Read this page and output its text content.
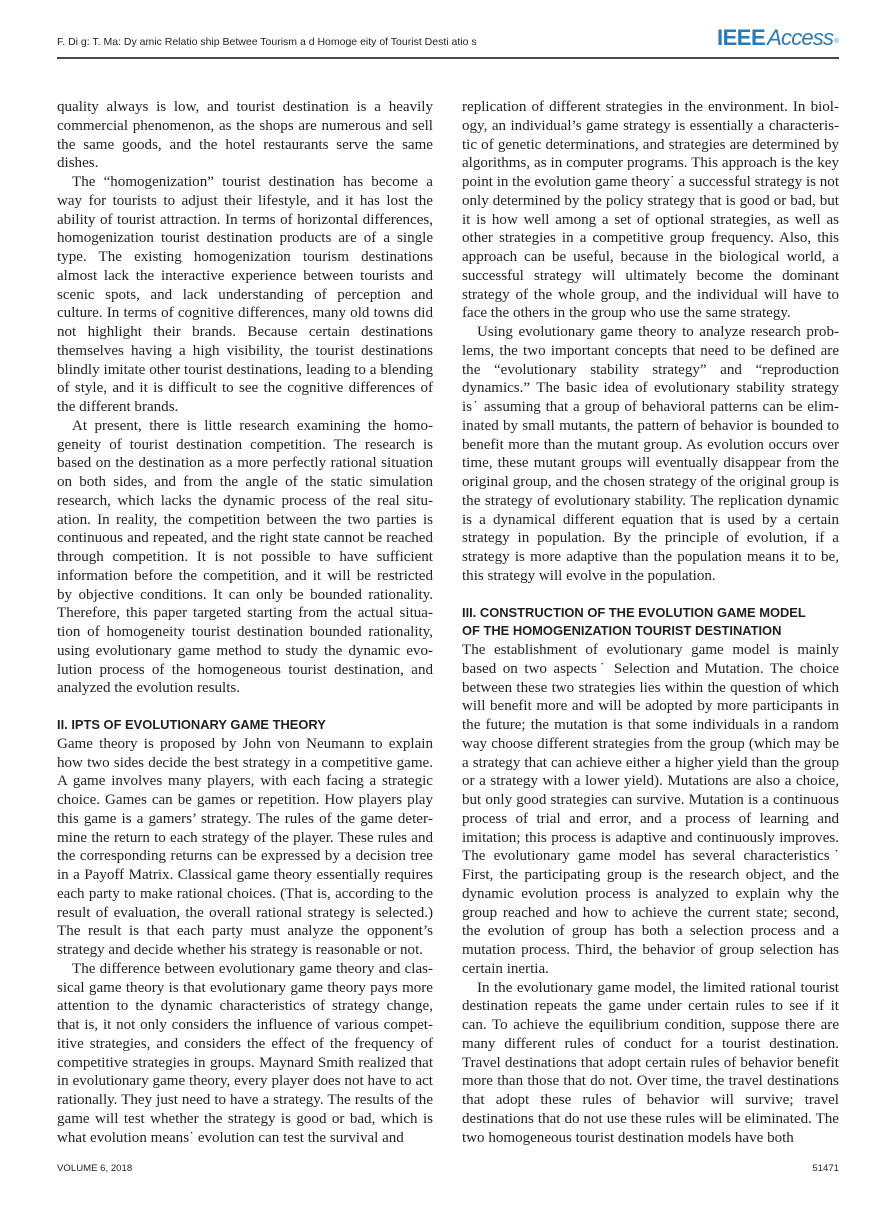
F. Di g: T. Ma: Dy amic Relatio ship Betwee Tourism a d Homoge eity of Tourist Desti atio s	IEEEAccess®

quality always is low, and tourist destination is a heavily commercial phenomenon, as the shops are numerous and sell the same goods, and the hotel restaurants serve the same dishes.

The “homogenization” tourist destination has become a way for tourists to adjust their lifestyle, and it has lost the ability of tourist attraction. In terms of horizontal differences, homogenization tourist destination products are of a single type. The existing homogenization tourism destinations almost lack the interactive experience between tourists and scenic spots, and lack understanding of perception and culture. In terms of cognitive differences, many old towns did not highlight their brands. Because certain destinations themselves having a high visibility, the tourist destinations blindly imitate other tourist destinations, leading to a blending of style, and it is difficult to see the cognitive differences of the different brands.

At present, there is little research examining the homogeneity of tourist destination competition. The research is based on the destination as a more perfectly rational situation on both sides, and from the angle of the static simulation research, which lacks the dynamic process of the real situation. In reality, the competition between the two parties is continuous and repeated, and the right state cannot be reached through competition. It is not possible to have sufficient information before the competition, and it will be restricted by objective conditions. It can only be bounded rationality. Therefore, this paper targeted starting from the actual situation of homogeneity tourist destination bounded rationality, using evolutionary game method to study the dynamic evolution process of the homogeneous tourist destination, and analyzed the evolution results.

II. IPTS OF EVOLUTIONARY GAME THEORY

Game theory is proposed by John von Neumann to explain how two sides decide the best strategy in a competitive game. A game involves many players, with each facing a strategic choice. Games can be games or repetition. How players play this game is a gamers’ strategy. The rules of the game determine the return to each strategy of the player. These rules and the corresponding returns can be expressed by a decision tree in a Payoff Matrix. Classical game theory essentially requires each party to make rational choices. (That is, according to the result of evaluation, the overall rational strategy is selected.) The result is that each party must analyze the opponent’s strategy and decide whether his strategy is reasonable or not.

The difference between evolutionary game theory and classical game theory is that evolutionary game theory pays more attention to the dynamic characteristics of strategy change, that is, it not only considers the influence of various competitive strategies, and considers the effect of the frequency of competitive strategies in groups. Maynard Smith realized that in evolutionary game theory, every player does not have to act rationally. They just need to have a strategy. The results of the game will test whether the strategy is good or bad, which is what evolution means˙ evolution can test the survival and

replication of different strategies in the environment. In biology, an individual’s game strategy is essentially a characteristic of genetic determinations, and strategies are determined by algorithms, as in computer programs. This approach is the key point in the evolution game theory˙ a successful strategy is not only determined by the policy strategy that is good or bad, but it is how well among a set of optional strategies, as well as other strategies in a competitive group frequency. Also, this approach can be useful, because in the biological world, a successful strategy will ultimately become the dominant strategy of the whole group, and the individual will have to face the others in the group who use the same strategy.

Using evolutionary game theory to analyze research problems, the two important concepts that need to be defined are the “evolutionary stability strategy” and “reproduction dynamics.” The basic idea of evolutionary stability strategy is˙ assuming that a group of behavioral patterns can be eliminated by small mutants, the pattern of behavior is bounded to benefit more than the mutant group. As evolution occurs over time, these mutant groups will eventually disappear from the original group, and the chosen strategy of the original group is the strategy of evolutionary stability. The replication dynamic is a dynamical different equation that is used by a certain strategy in population. By the principle of evolution, if a strategy is more adaptive than the population means it to be, this strategy will evolve in the population.

III. CONSTRUCTION OF THE EVOLUTION GAME MODEL
OF THE HOMOGENIZATION TOURIST DESTINATION

The establishment of evolutionary game model is mainly based on two aspects˙ Selection and Mutation. The choice between these two strategies lies within the question of which will benefit more and will be adopted by more participants in the future; the mutation is that some individuals in a random way choose different strategies from the group (which may be a strategy that can achieve either a higher yield than the group or a strategy with a lower yield). Mutations are also a choice, but only good strategies can survive. Mutation is a continuous process of trial and error, and a process of learning and imitation; this process is adaptive and continuously improves. The evolutionary game model has several characteristics˙ First, the participating group is the research object, and the dynamic evolution process is analyzed to explain why the group reached and how to achieve the current state; second, the evolution of group has both a selection process and a mutation process. Third, the behavior of group selection has certain inertia.

In the evolutionary game model, the limited rational tourist destination repeats the game under certain rules to see if it can. To achieve the equilibrium condition, suppose there are many different rules of conduct for a tourist destination. Travel destinations that adopt certain rules of behavior benefit more than those that do not. Over time, the travel destinations that adopt these rules of behavior will survive; travel destinations that do not use these rules will be eliminated. The two homogeneous tourist destination models have both

VOLUME 6, 2018	51471
